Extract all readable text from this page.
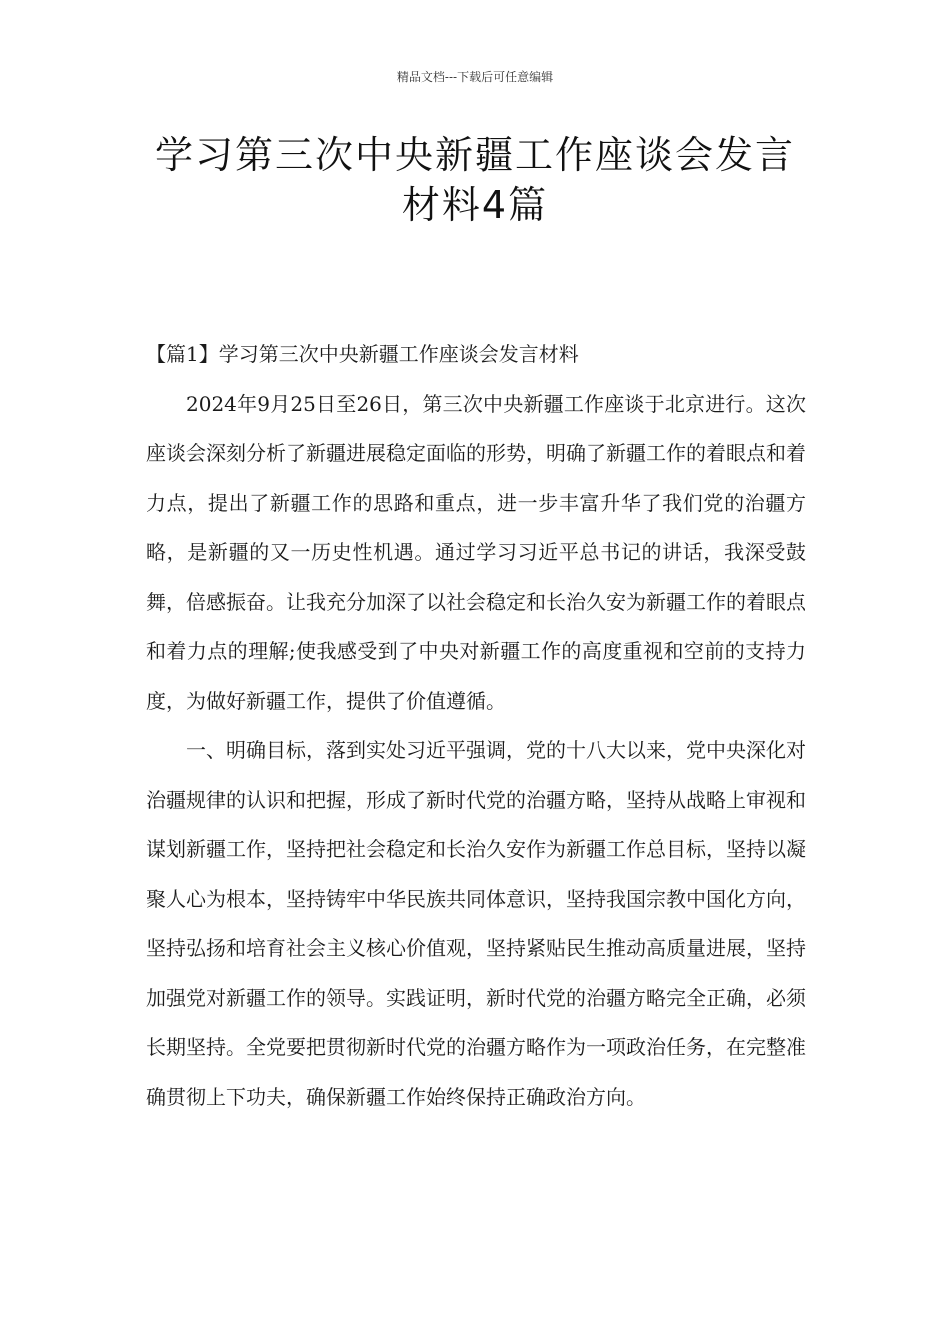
精品文档---下载后可任意编辑
学习第三次中央新疆工作座谈会发言材料4篇

【篇1】学习第三次中央新疆工作座谈会发言材料

2024年9月25日至26日，第三次中央新疆工作座谈于北京进行。这次座谈会深刻分析了新疆进展稳定面临的形势，明确了新疆工作的着眼点和着力点，提出了新疆工作的思路和重点，进一步丰富升华了我们党的治疆方略，是新疆的又一历史性机遇。通过学习习近平总书记的讲话，我深受鼓舞，倍感振奋。让我充分加深了以社会稳定和长治久安为新疆工作的着眼点和着力点的理解;使我感受到了中央对新疆工作的高度重视和空前的支持力度，为做好新疆工作，提供了价值遵循。

一、明确目标，落到实处习近平强调，党的十八大以来，党中央深化对治疆规律的认识和把握，形成了新时代党的治疆方略，坚持从战略上审视和谋划新疆工作，坚持把社会稳定和长治久安作为新疆工作总目标，坚持以凝聚人心为根本，坚持铸牢中华民族共同体意识，坚持我国宗教中国化方向，坚持弘扬和培育社会主义核心价值观，坚持紧贴民生推动高质量进展，坚持加强党对新疆工作的领导。实践证明，新时代党的治疆方略完全正确，必须长期坚持。全党要把贯彻新时代党的治疆方略作为一项政治任务，在完整准确贯彻上下功夫，确保新疆工作始终保持正确政治方向。
